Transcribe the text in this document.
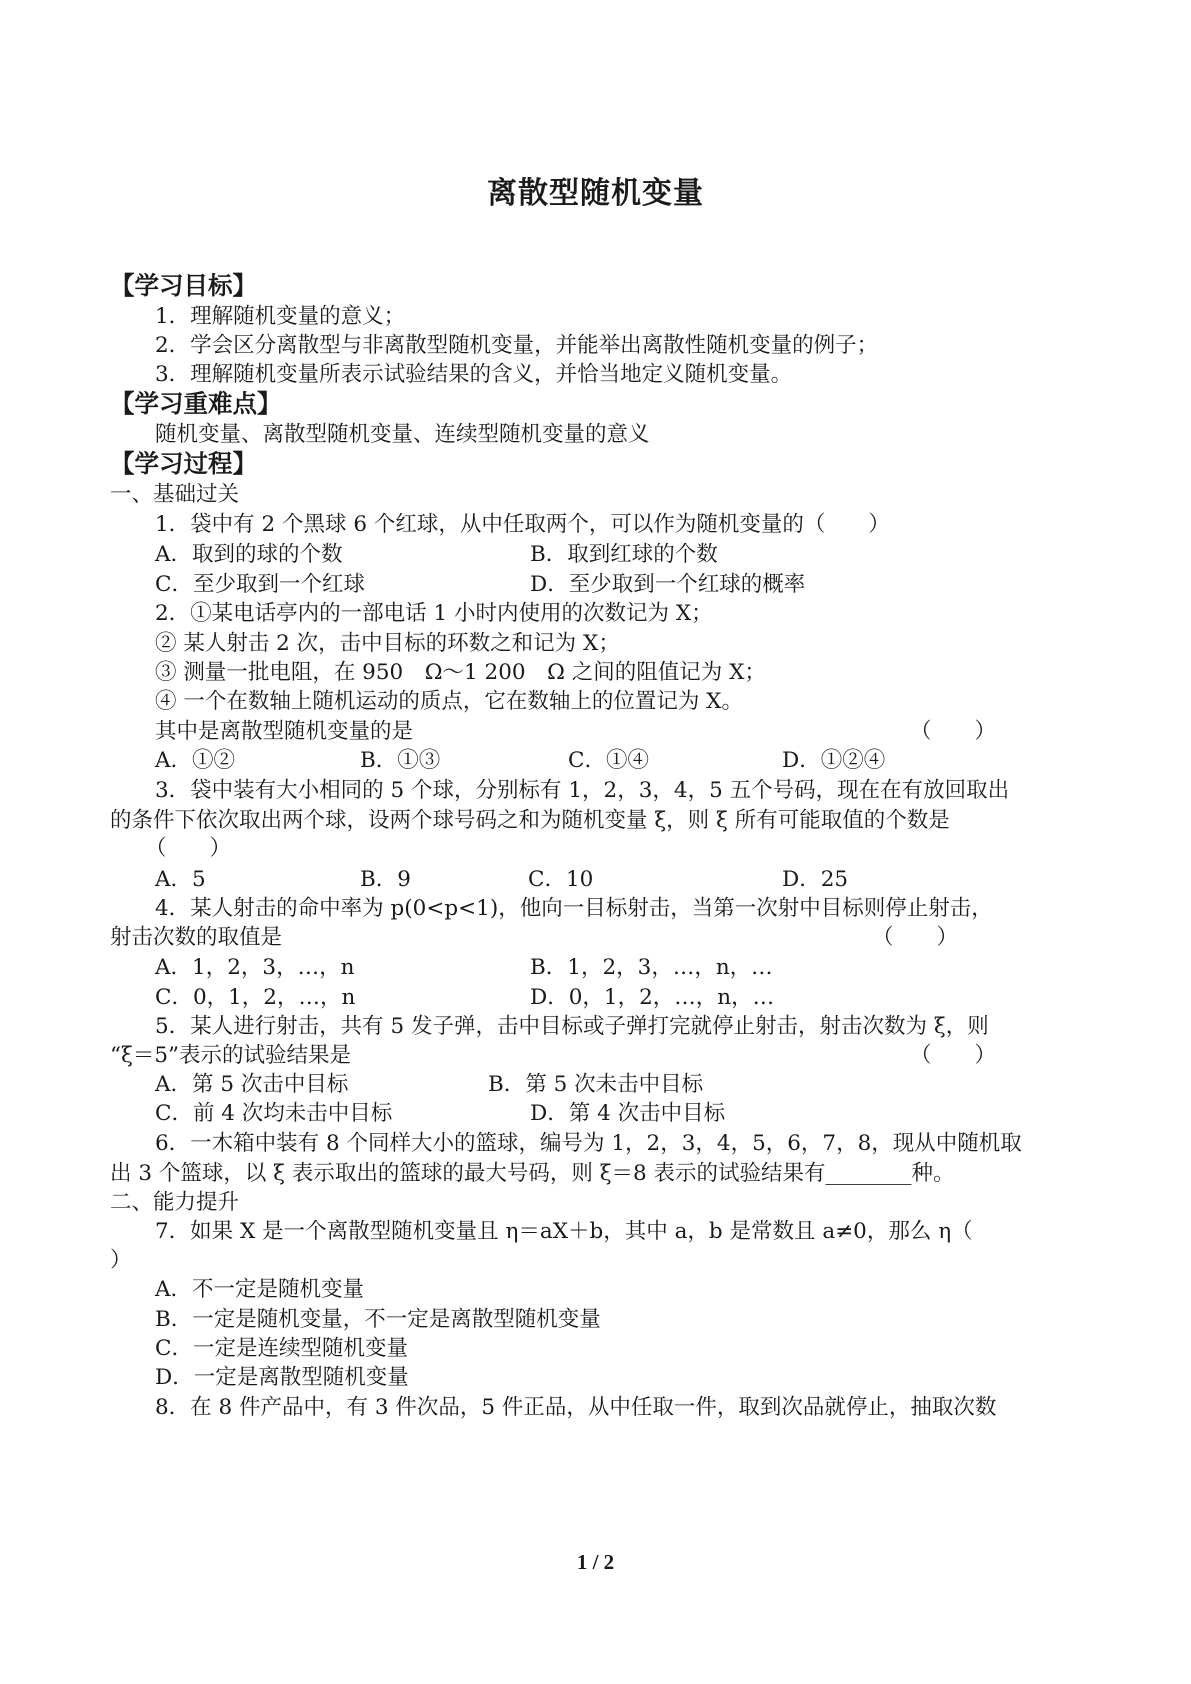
离散型随机变量
【学习目标】
1．理解随机变量的意义；
2．学会区分离散型与非离散型随机变量，并能举出离散性随机变量的例子；
3．理解随机变量所表示试验结果的含义，并恰当地定义随机变量。
【学习重难点】
随机变量、离散型随机变量、连续型随机变量的意义
【学习过程】
一、基础过关
1．袋中有 2 个黑球 6 个红球，从中任取两个，可以作为随机变量的（　　）
A．取到的球的个数	B．取到红球的个数
C．至少取到一个红球	D．至少取到一个红球的概率
2．①某电话亭内的一部电话 1 小时内使用的次数记为 X；
② 某人射击 2 次，击中目标的环数之和记为 X；
③ 测量一批电阻，在 950　Ω～1 200　Ω 之间的阻值记为 X；
④ 一个在数轴上随机运动的质点，它在数轴上的位置记为 X。
其中是离散型随机变量的是	（　　）
A．①②	B．①③	C．①④	D．①②④
3．袋中装有大小相同的 5 个球，分别标有 1，2，3，4，5 五个号码，现在在有放回取出
的条件下依次取出两个球，设两个球号码之和为随机变量 ξ，则 ξ 所有可能取值的个数是
（　　）
A．5	B．9	C．10	D．25
4．某人射击的命中率为 p(0<p<1)，他向一目标射击，当第一次射中目标则停止射击，
射击次数的取值是	（　　）
A．1，2，3，…，n	B．1，2，3，…，n，…
C．0，1，2，…，n	D．0，1，2，…，n，…
5．某人进行射击，共有 5 发子弹，击中目标或子弹打完就停止射击，射击次数为 ξ，则
“ξ＝5”表示的试验结果是	（　　）
A．第 5 次击中目标	B．第 5 次未击中目标
C．前 4 次均未击中目标	D．第 4 次击中目标
6．一木箱中装有 8 个同样大小的篮球，编号为 1，2，3，4，5，6，7，8，现从中随机取
出 3 个篮球，以 ξ 表示取出的篮球的最大号码，则 ξ＝8 表示的试验结果有________种。
二、能力提升
7．如果 X 是一个离散型随机变量且 η＝aX＋b，其中 a，b 是常数且 a≠0，那么 η（
）
A．不一定是随机变量
B．一定是随机变量，不一定是离散型随机变量
C．一定是连续型随机变量
D．一定是离散型随机变量
8．在 8 件产品中，有 3 件次品，5 件正品，从中任取一件，取到次品就停止，抽取次数
1 / 2
